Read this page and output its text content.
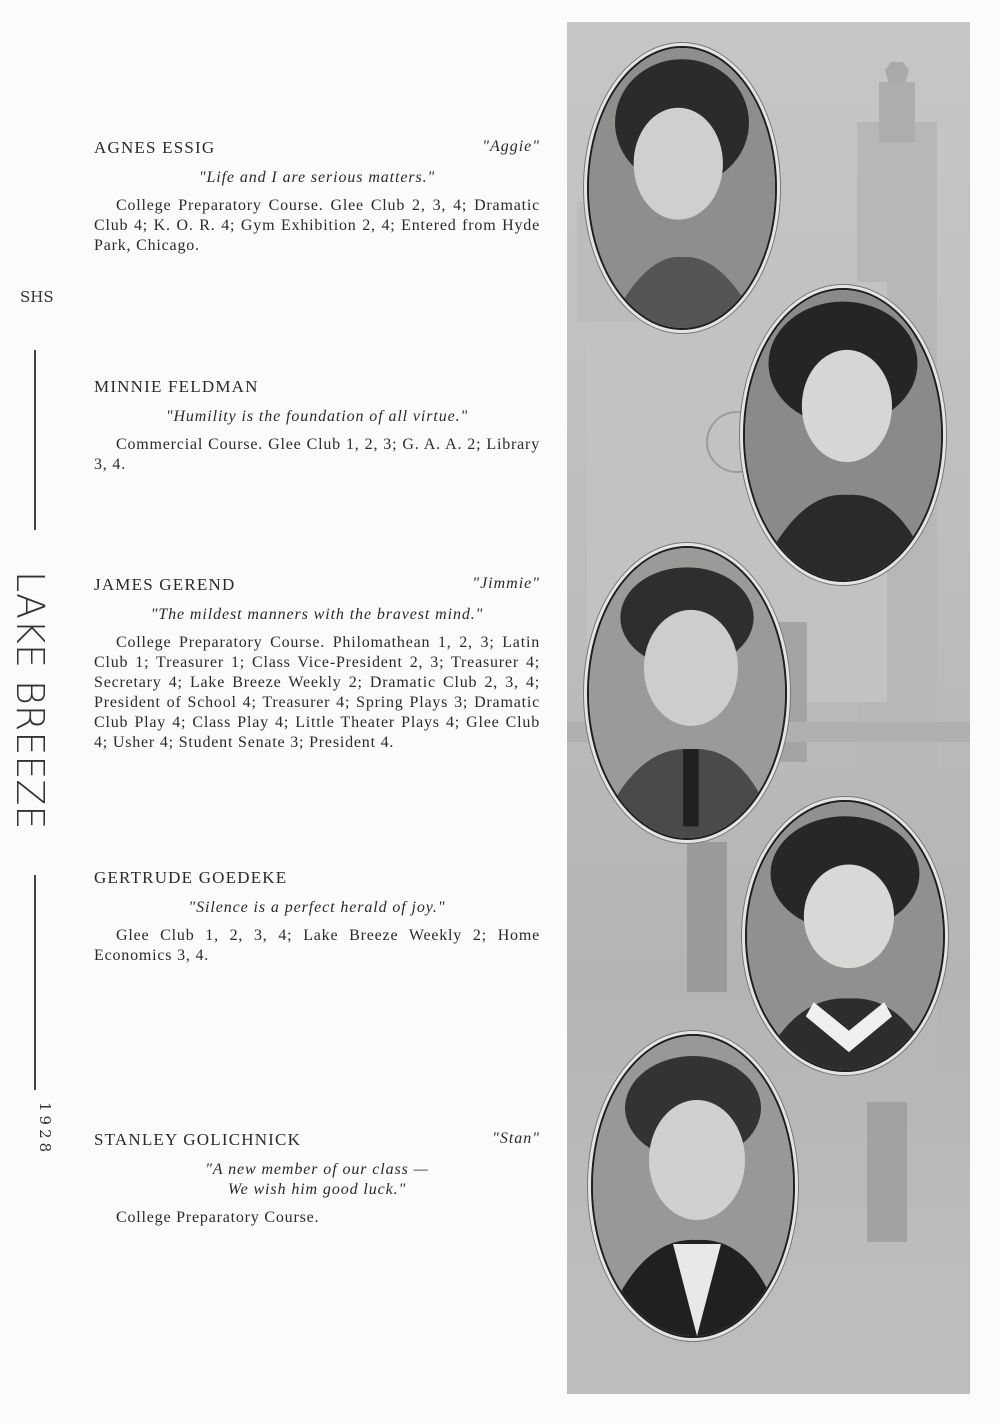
SHS
LAKE BREEZE
1928
AGNES ESSIG	"Aggie"
"Life and I are serious matters."
College Preparatory Course. Glee Club 2, 3, 4; Dramatic Club 4; K. O. R. 4; Gym Exhibition 2, 4; Entered from Hyde Park, Chicago.
MINNIE FELDMAN
"Humility is the foundation of all virtue."
Commercial Course. Glee Club 1, 2, 3; G. A. A. 2; Library 3, 4.
JAMES GEREND	"Jimmie"
"The mildest manners with the bravest mind."
College Preparatory Course. Philomathean 1, 2, 3; Latin Club 1; Treasurer 1; Class Vice-President 2, 3; Treasurer 4; Secretary 4; Lake Breeze Weekly 2; Dramatic Club 2, 3, 4; President of School 4; Treasurer 4; Spring Plays 3; Dramatic Club Play 4; Class Play 4; Little Theater Plays 4; Glee Club 4; Usher 4; Student Senate 3; President 4.
GERTRUDE GOEDEKE
"Silence is a perfect herald of joy."
Glee Club 1, 2, 3, 4; Lake Breeze Weekly 2; Home Economics 3, 4.
STANLEY GOLICHNICK	"Stan"
"A new member of our class —
We wish him good luck."
College Preparatory Course.
